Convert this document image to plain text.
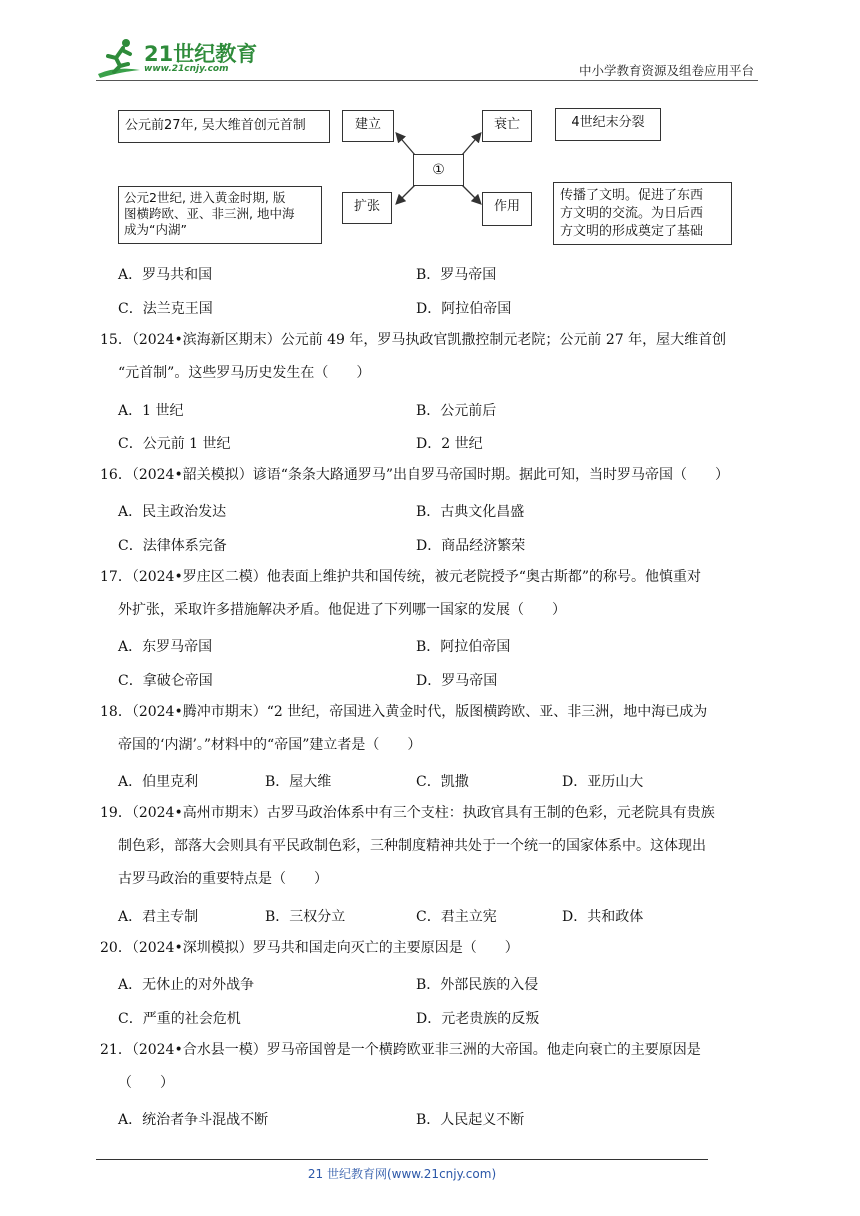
21世纪教育
www.21cnjy.com	中小学教育资源及组卷应用平台
公元前27年, 吴大维首创元首制	建立	衰亡	4世纪末分裂
①
公元2世纪, 进入黄金时期, 版
图横跨欧、亚、非三洲, 地中海
成为“内湖”
扩张	作用
传播了文明。促进了东西
方文明的交流。为日后西
方文明的形成奠定了基础
A．罗马共和国	B．罗马帝国
C．法兰克王国	D．阿拉伯帝国
15．（2024•滨海新区期末）公元前 49 年，罗马执政官凯撒控制元老院；公元前 27 年，屋大维首创
“元首制”。这些罗马历史发生在（　　）
A．1 世纪	B．公元前后
C．公元前 1 世纪	D．2 世纪
16．（2024•韶关模拟）谚语“条条大路通罗马”出自罗马帝国时期。据此可知，当时罗马帝国（　　）
A．民主政治发达	B．古典文化昌盛
C．法律体系完备	D．商品经济繁荣
17．（2024•罗庄区二模）他表面上维护共和国传统，被元老院授予“奥古斯都”的称号。他慎重对
外扩张，采取许多措施解决矛盾。他促进了下列哪一国家的发展（　　）
A．东罗马帝国	B．阿拉伯帝国
C．拿破仑帝国	D．罗马帝国
18．（2024•腾冲市期末）“2 世纪，帝国进入黄金时代，版图横跨欧、亚、非三洲，地中海已成为
帝国的‘内湖’。”材料中的“帝国”建立者是（　　）
A．伯里克利	B．屋大维	C．凯撒	D．亚历山大
19．（2024•高州市期末）古罗马政治体系中有三个支柱：执政官具有王制的色彩，元老院具有贵族
制色彩，部落大会则具有平民政制色彩，三种制度精神共处于一个统一的国家体系中。这体现出
古罗马政治的重要特点是（　　）
A．君主专制	B．三权分立	C．君主立宪	D．共和政体
20．（2024•深圳模拟）罗马共和国走向灭亡的主要原因是（　　）
A．无休止的对外战争	B．外部民族的入侵
C．严重的社会危机	D．元老贵族的反叛
21．（2024•合水县一模）罗马帝国曾是一个横跨欧亚非三洲的大帝国。他走向衰亡的主要原因是
（　　）
A．统治者争斗混战不断	B．人民起义不断
21 世纪教育网(www.21cnjy.com)
